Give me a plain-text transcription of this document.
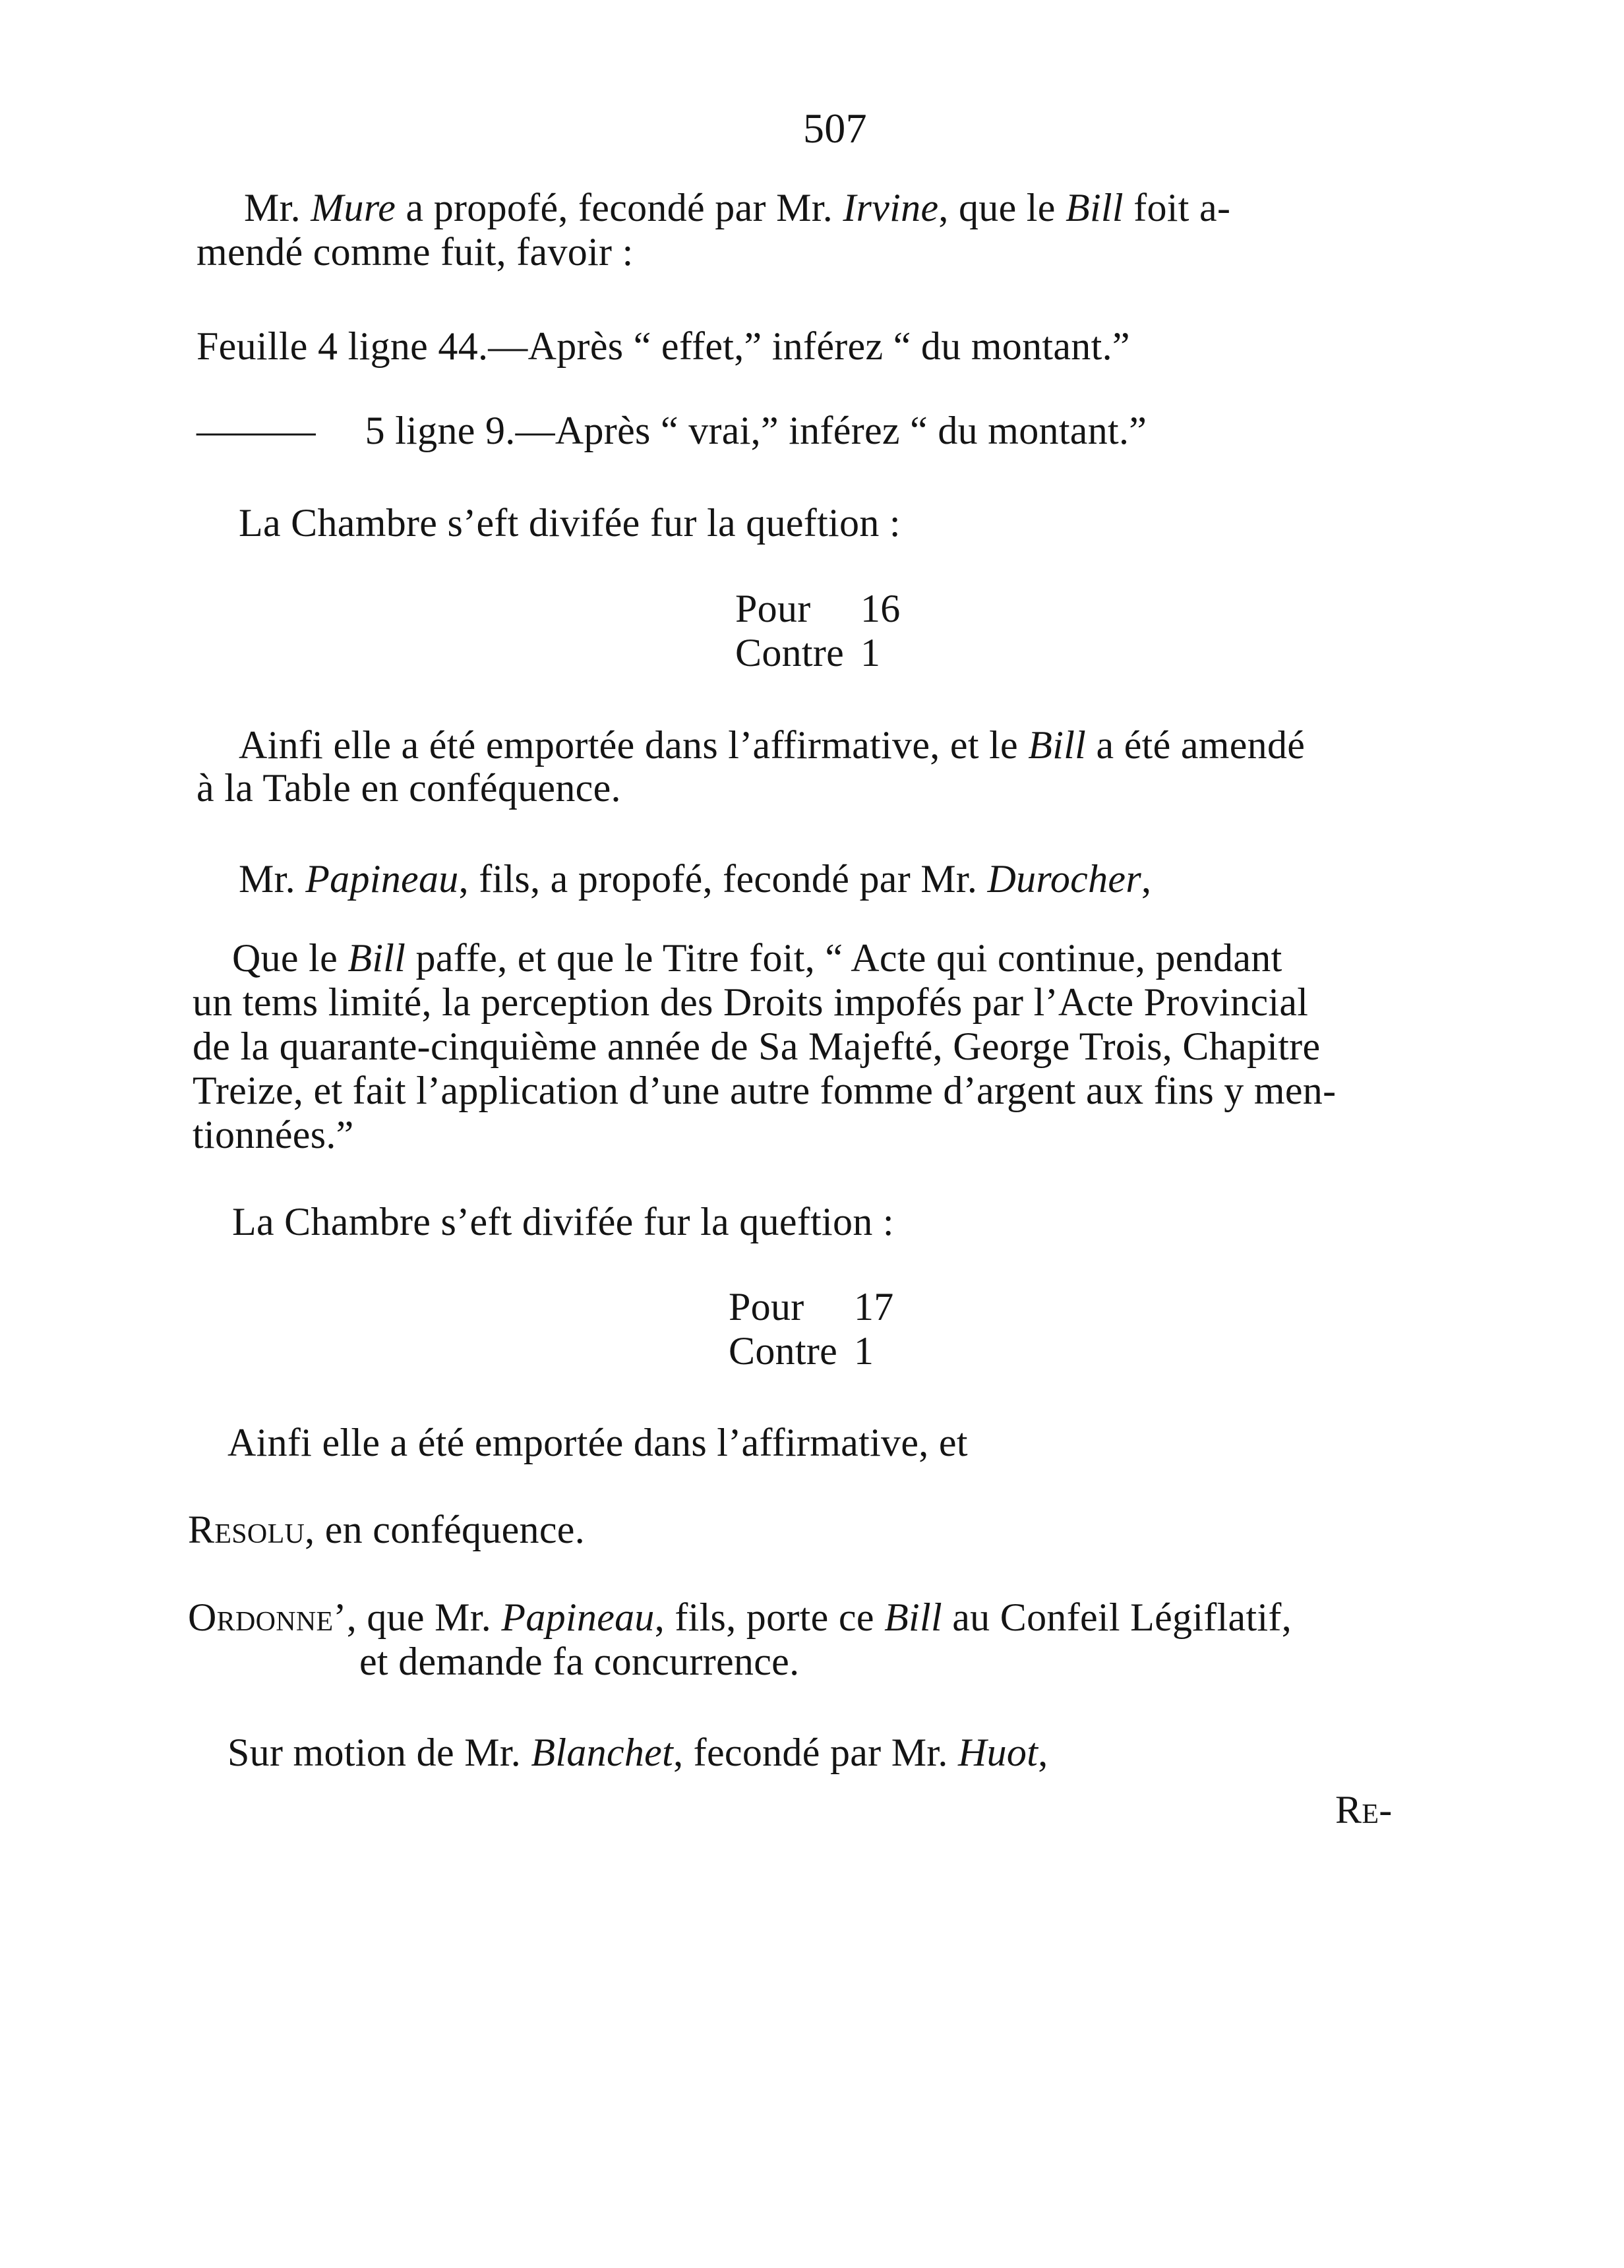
507

Mr. Mure a propofé, fecondé par Mr. Irvine, que le Bill foit a-

mendé comme fuit, favoir :

Feuille 4 ligne 44.—Après “ effet,” inférez “ du montant.”

——— 5 ligne 9.—Après “ vrai,” inférez “ du montant.”

La Chambre s’eft divifée fur la queftion :

Pour 16

Contre 1

Ainfi elle a été emportée dans l’affirmative, et le Bill a été amendé

à la Table en conféquence.

Mr. Papineau, fils, a propofé, fecondé par Mr. Durocher,

Que le Bill paffe, et que le Titre foit, “ Acte qui continue, pendant

un tems limité, la perception des Droits impofés par l’Acte Provincial

de la quarante-cinquième année de Sa Majefté, George Trois, Chapitre

Treize, et fait l’application d’une autre fomme d’argent aux fins y men-

tionnées.”

La Chambre s’eft divifée fur la queftion :

Pour 17

Contre 1

Ainfi elle a été emportée dans l’affirmative, et

Resolu, en conféquence.

Ordonne’, que Mr. Papineau, fils, porte ce Bill au Confeil Légiflatif,

et demande fa concurrence.

Sur motion de Mr. Blanchet, fecondé par Mr. Huot,

Re-
